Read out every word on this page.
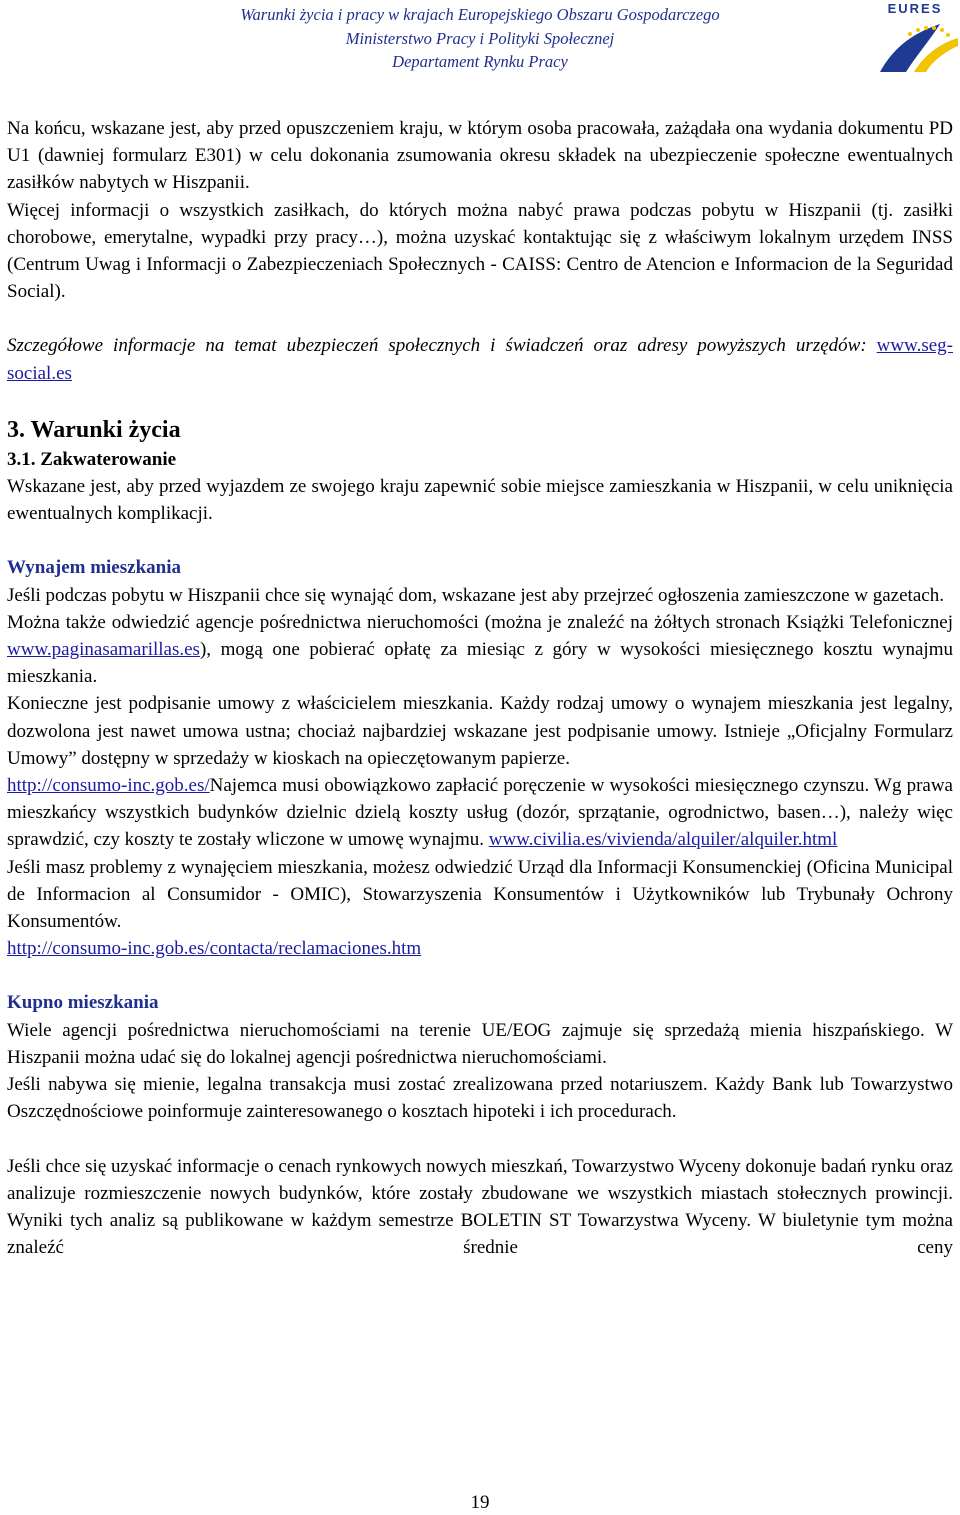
Warunki życia i pracy w krajach Europejskiego Obszaru Gospodarczego
Ministerstwo Pracy i Polityki Społecznej
Departament Rynku Pracy
EURES

Na końcu, wskazane jest, aby przed opuszczeniem kraju, w którym osoba pracowała, zażądała ona wydania dokumentu PD U1 (dawniej formularz E301) w celu dokonania zsumowania okresu składek na ubezpieczenie społeczne ewentualnych zasiłków nabytych w Hiszpanii.

Więcej informacji o wszystkich zasiłkach, do których można nabyć prawa podczas pobytu w Hiszpanii (tj. zasiłki chorobowe, emerytalne, wypadki przy pracy…), można uzyskać kontaktując się z właściwym lokalnym urzędem INSS (Centrum Uwag i Informacji o Zabezpieczeniach Społecznych - CAISS: Centro de Atencion e Informacion de la Seguridad Social).

Szczegółowe informacje na temat ubezpieczeń społecznych i świadczeń oraz adresy powyższych urzędów: www.seg-social.es

3. Warunki życia

3.1. Zakwaterowanie

Wskazane jest, aby przed wyjazdem ze swojego kraju zapewnić sobie miejsce zamieszkania w Hiszpanii, w celu uniknięcia ewentualnych komplikacji.

Wynajem mieszkania

Jeśli podczas pobytu w Hiszpanii chce się wynająć dom, wskazane jest aby przejrzeć ogłoszenia zamieszczone w gazetach.

Można także odwiedzić agencje pośrednictwa nieruchomości (można je znaleźć na żółtych stronach Książki Telefonicznej www.paginasamarillas.es), mogą one pobierać opłatę za miesiąc z góry w wysokości miesięcznego kosztu wynajmu mieszkania.

Konieczne jest podpisanie umowy z właścicielem mieszkania. Każdy rodzaj umowy o wynajem mieszkania jest legalny, dozwolona jest nawet umowa ustna; chociaż najbardziej wskazane jest podpisanie umowy. Istnieje „Oficjalny Formularz Umowy” dostępny w sprzedaży w kioskach na opieczętowanym papierze.

http://consumo-inc.gob.es/Najemca musi obowiązkowo zapłacić poręczenie w wysokości miesięcznego czynszu. Wg prawa mieszkańcy wszystkich budynków dzielnic dzielą koszty usług (dozór, sprzątanie, ogrodnictwo, basen…), należy więc sprawdzić, czy koszty te zostały wliczone w umowę wynajmu. www.civilia.es/vivienda/alquiler/alquiler.html

Jeśli masz problemy z wynajęciem mieszkania, możesz odwiedzić Urząd dla Informacji Konsumenckiej (Oficina Municipal de Informacion al Consumidor - OMIC), Stowarzyszenia Konsumentów i Użytkowników lub Trybunały Ochrony Konsumentów.

http://consumo-inc.gob.es/contacta/reclamaciones.htm

Kupno mieszkania

Wiele agencji pośrednictwa nieruchomościami na terenie UE/EOG zajmuje się sprzedażą mienia hiszpańskiego. W Hiszpanii można udać się do lokalnej agencji pośrednictwa nieruchomościami.

Jeśli nabywa się mienie, legalna transakcja musi zostać zrealizowana przed notariuszem. Każdy Bank lub Towarzystwo Oszczędnościowe poinformuje zainteresowanego o kosztach hipoteki i ich procedurach.

Jeśli chce się uzyskać informacje o cenach rynkowych nowych mieszkań, Towarzystwo Wyceny dokonuje badań rynku oraz analizuje rozmieszczenie nowych budynków, które zostały zbudowane we wszystkich miastach stołecznych prowincji. Wyniki tych analiz są publikowane w każdym semestrze BOLETIN ST Towarzystwa Wyceny. W biuletynie tym można znaleźć średnie ceny

19
